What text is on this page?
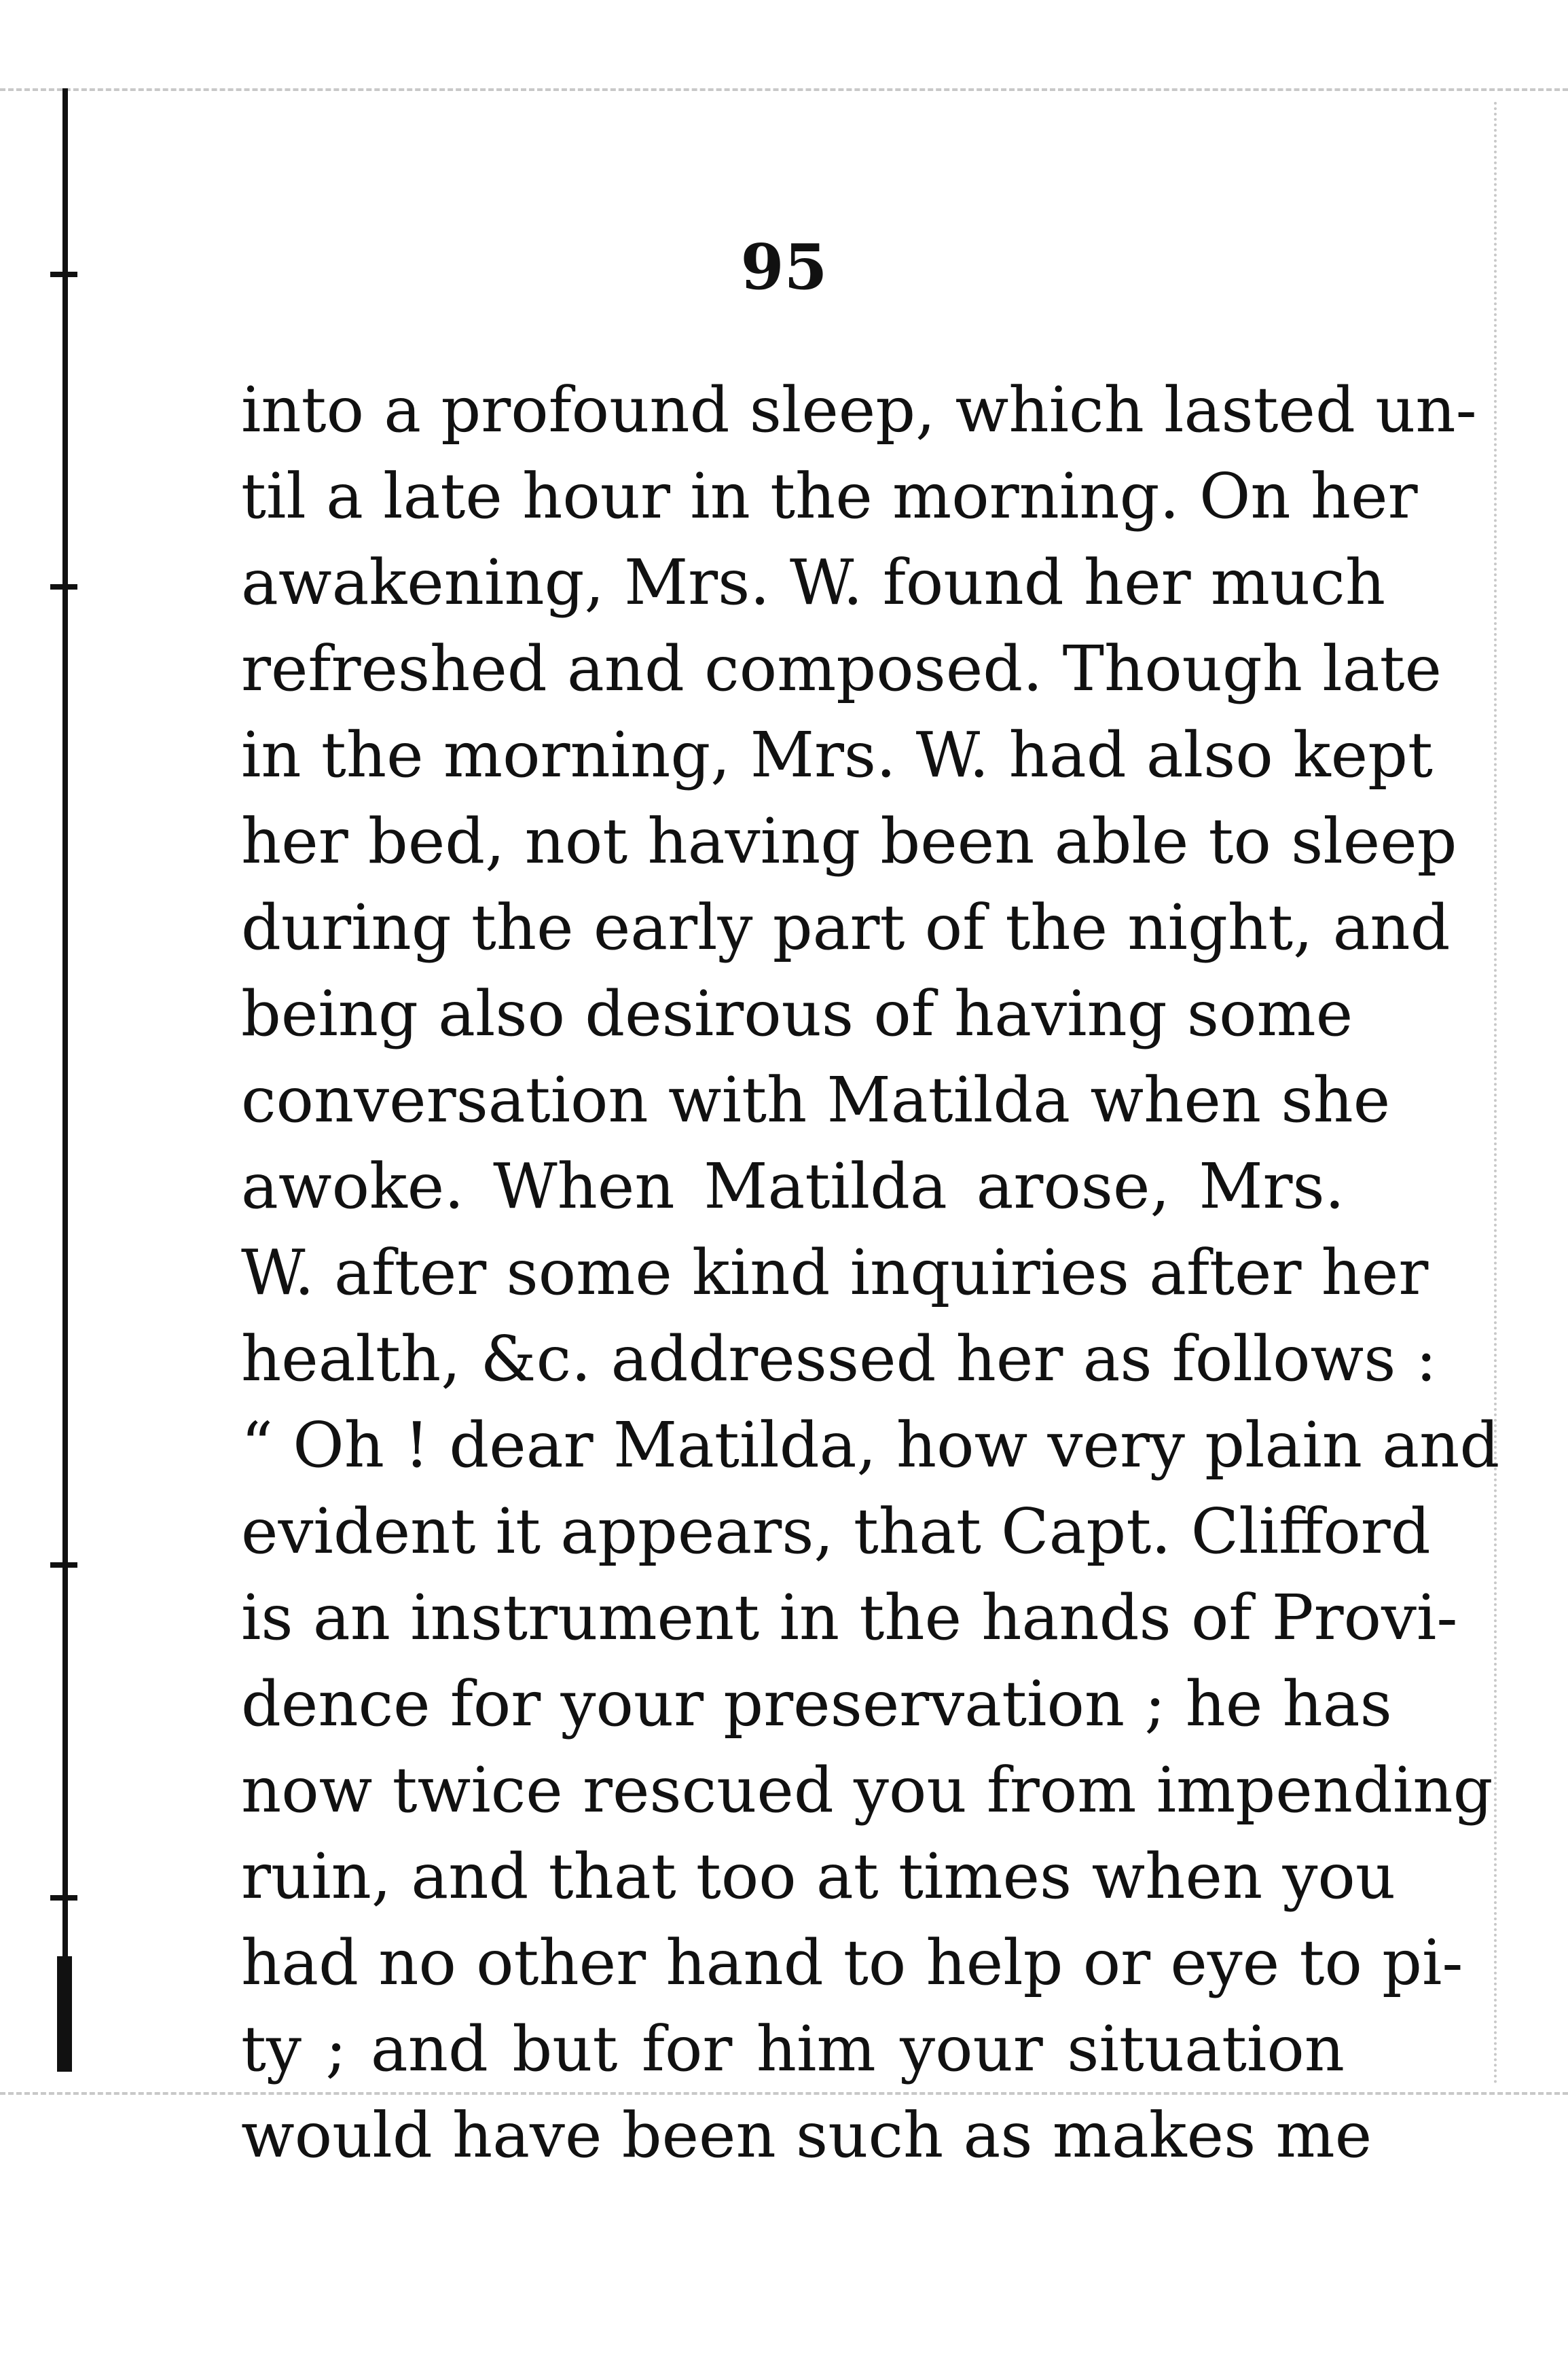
95
into a profound sleep, which lasted un-
til a late hour in the morning. On her
awakening, Mrs. W. found her much
refreshed and composed. Though late
in the morning, Mrs. W. had also kept
her bed, not having been able to sleep
during the early part of the night, and
being also desirous of having some
conversation with Matilda when she
awoke. When Matilda arose, Mrs.
W. after some kind inquiries after her
health, &c. addressed her as follows :
“ Oh ! dear Matilda, how very plain and
evident it appears, that Capt. Clifford
is an instrument in the hands of Provi-
dence for your preservation ; he has
now twice rescued you from impending
ruin, and that too at times when you
had no other hand to help or eye to pi-
ty ; and but for him your situation
would have been such as makes me
